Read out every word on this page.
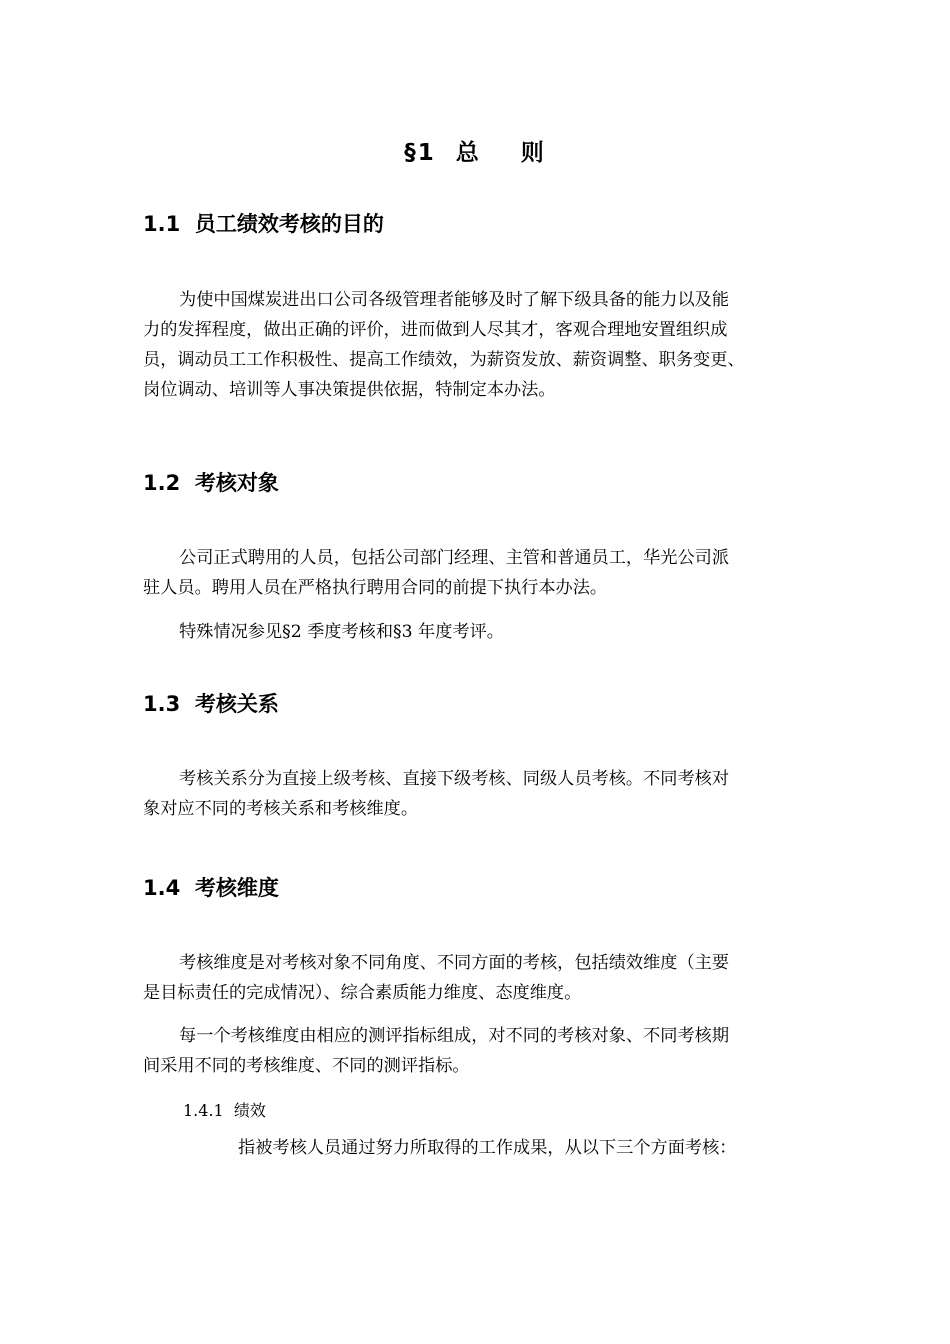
§1  总    则
1.1  员工绩效考核的目的
为使中国煤炭进出口公司各级管理者能够及时了解下级具备的能力以及能
力的发挥程度，做出正确的评价，进而做到人尽其才，客观合理地安置组织成
员，调动员工工作积极性、提高工作绩效，为薪资发放、薪资调整、职务变更、
岗位调动、培训等人事决策提供依据，特制定本办法。
1.2  考核对象
公司正式聘用的人员，包括公司部门经理、主管和普通员工，华光公司派
驻人员。聘用人员在严格执行聘用合同的前提下执行本办法。
特殊情况参见§2 季度考核和§3 年度考评。
1.3  考核关系
考核关系分为直接上级考核、直接下级考核、同级人员考核。不同考核对
象对应不同的考核关系和考核维度。
1.4  考核维度
考核维度是对考核对象不同角度、不同方面的考核，包括绩效维度（主要
是目标责任的完成情况）、综合素质能力维度、态度维度。
每一个考核维度由相应的测评指标组成，对不同的考核对象、不同考核期
间采用不同的考核维度、不同的测评指标。
1.4.1  绩效
指被考核人员通过努力所取得的工作成果，从以下三个方面考核：
